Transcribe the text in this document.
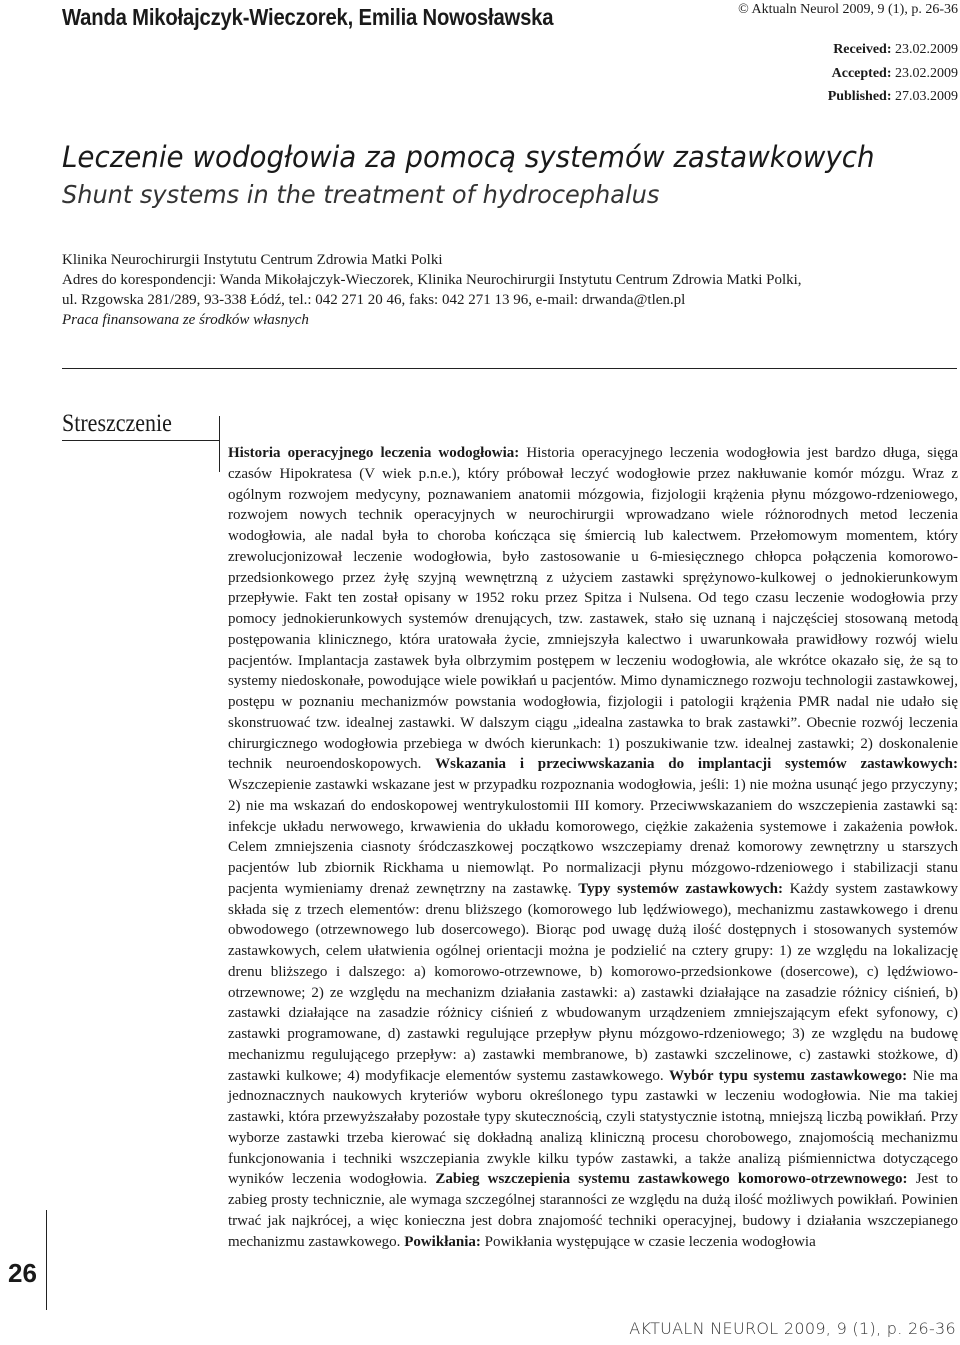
Wanda Mikołajczyk-Wieczorek, Emilia Nowosławska	© Aktualn Neurol 2009, 9 (1), p. 26-36
Received: 23.02.2009
Accepted: 23.02.2009
Published: 27.03.2009
Leczenie wodogłowia za pomocą systemów zastawkowych
Shunt systems in the treatment of hydrocephalus
Klinika Neurochirurgii Instytutu Centrum Zdrowia Matki Polki
Adres do korespondencji: Wanda Mikołajczyk-Wieczorek, Klinika Neurochirurgii Instytutu Centrum Zdrowia Matki Polki,
ul. Rzgowska 281/289, 93-338 Łódź, tel.: 042 271 20 46, faks: 042 271 13 96, e-mail: drwanda@tlen.pl
Praca finansowana ze środków własnych
Streszczenie

Historia operacyjnego leczenia wodogłowia: Historia operacyjnego leczenia wodogłowia jest bardzo długa, sięga czasów Hipokratesa (V wiek p.n.e.), który próbował leczyć wodogłowie przez nakłuwanie komór mózgu. Wraz z ogólnym rozwojem medycyny, poznawaniem anatomii mózgowia, fizjologii krążenia płynu mózgowo-rdzeniowego, rozwojem nowych technik operacyjnych w neurochirurgii wprowadzano wiele różnorodnych metod leczenia wodogłowia, ale nadal była to choroba kończąca się śmiercią lub kalectwem. Przełomowym momentem, który zrewolucjonizował leczenie wodogłowia, było zastosowanie u 6-miesięcznego chłopca połączenia komorowo-przedsionkowego przez żyłę szyjną wewnętrzną z użyciem zastawki sprężynowo-kulkowej o jednokierunkowym przepływie. Fakt ten został opisany w 1952 roku przez Spitza i Nulsena. Od tego czasu leczenie wodogłowia przy pomocy jednokierunkowych systemów drenujących, tzw. zastawek, stało się uznaną i najczęściej stosowaną metodą postępowania klinicznego, która uratowała życie, zmniejszyła kalectwo i uwarunkowała prawidłowy rozwój wielu pacjentów. Implantacja zastawek była olbrzymim postępem w leczeniu wodogłowia, ale wkrótce okazało się, że są to systemy niedoskonałe, powodujące wiele powikłań u pacjentów. Mimo dynamicznego rozwoju technologii zastawkowej, postępu w poznaniu mechanizmów powstania wodogłowia, fizjologii i patologii krążenia PMR nadal nie udało się skonstruować tzw. idealnej zastawki. W dalszym ciągu „idealna zastawka to brak zastawki”. Obecnie rozwój leczenia chirurgicznego wodogłowia przebiega w dwóch kierunkach: 1) poszukiwanie tzw. idealnej zastawki; 2) doskonalenie technik neuroendoskopowych. Wskazania i przeciwwskazania do implantacji systemów zastawkowych: Wszczepienie zastawki wskazane jest w przypadku rozpoznania wodogłowia, jeśli: 1) nie można usunąć jego przyczyny; 2) nie ma wskazań do endoskopowej wentrykulostomii III komory. Przeciwwskazaniem do wszczepienia zastawki są: infekcje układu nerwowego, krwawienia do układu komorowego, ciężkie zakażenia systemowe i zakażenia powłok. Celem zmniejszenia ciasnoty śródczaszkowej początkowo wszczepiamy drenaż komorowy zewnętrzny u starszych pacjentów lub zbiornik Rickhama u niemowląt. Po normalizacji płynu mózgowo-rdzeniowego i stabilizacji stanu pacjenta wymieniamy drenaż zewnętrzny na zastawkę. Typy systemów zastawkowych: Każdy system zastawkowy składa się z trzech elementów: drenu bliższego (komorowego lub lędźwiowego), mechanizmu zastawkowego i drenu obwodowego (otrzewnowego lub dosercowego). Biorąc pod uwagę dużą ilość dostępnych i stosowanych systemów zastawkowych, celem ułatwienia ogólnej orientacji można je podzielić na cztery grupy: 1) ze względu na lokalizację drenu bliższego i dalszego: a) komorowo-otrzewnowe, b) komorowo-przedsionkowe (dosercowe), c) lędźwiowo-otrzewnowe; 2) ze względu na mechanizm działania zastawki: a) zastawki działające na zasadzie różnicy ciśnień, b) zastawki działające na zasadzie różnicy ciśnień z wbudowanym urządzeniem zmniejszającym efekt syfonowy, c) zastawki programowane, d) zastawki regulujące przepływ płynu mózgowo-rdzeniowego; 3) ze względu na budowę mechanizmu regulującego przepływ: a) zastawki membranowe, b) zastawki szczelinowe, c) zastawki stożkowe, d) zastawki kulkowe; 4) modyfikacje elementów systemu zastawkowego. Wybór typu systemu zastawkowego: Nie ma jednoznacznych naukowych kryteriów wyboru określonego typu zastawki w leczeniu wodogłowia. Nie ma takiej zastawki, która przewyższałaby pozostałe typy skutecznością, czyli statystycznie istotną, mniejszą liczbą powikłań. Przy wyborze zastawki trzeba kierować się dokładną analizą kliniczną procesu chorobowego, znajomością mechanizmu funkcjonowania i techniki wszczepiania zwykle kilku typów zastawki, a także analizą piśmiennictwa dotyczącego wyników leczenia wodogłowia. Zabieg wszczepienia systemu zastawkowego komorowo-otrzewnowego: Jest to zabieg prosty technicznie, ale wymaga szczególnej staranności ze względu na dużą ilość możliwych powikłań. Powinien trwać jak najkrócej, a więc konieczna jest dobra znajomość techniki operacyjnej, budowy i działania wszczepianego mechanizmu zastawkowego. Powikłania: Powikłania występujące w czasie leczenia wodogłowia

26
AKTUALN NEUROL 2009, 9 (1), p. 26-36
